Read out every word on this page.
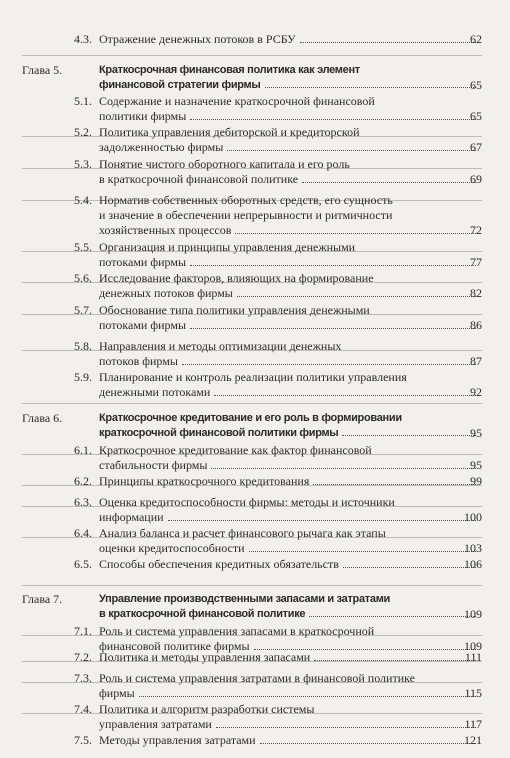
4.3. Отражение денежных потоков в РСБУ	62
Глава 5.	Краткосрочная финансовая политика как элемент
финансовой стратегии фирмы	65
5.1. Содержание и назначение краткосрочной финансовой
политики фирмы	65
5.2. Политика управления дебиторской и кредиторской
задолженностью фирмы	67
5.3. Понятие чистого оборотного капитала и его роль
в краткосрочной финансовой политике	69
5.4. Норматив собственных оборотных средств, его сущность
и значение в обеспечении непрерывности и ритмичности
хозяйственных процессов	72
5.5. Организация и принципы управления денежными
потоками фирмы	77
5.6. Исследование факторов, влияющих на формирование
денежных потоков фирмы	82
5.7. Обоснование типа политики управления денежными
потоками фирмы	86
5.8. Направления и методы оптимизации денежных
потоков фирмы	87
5.9. Планирование и контроль реализации политики управления
денежными потоками	92
Глава 6.	Краткосрочное кредитование и его роль в формировании
краткосрочной финансовой политики фирмы	95
6.1. Краткосрочное кредитование как фактор финансовой
стабильности фирмы	95
6.2. Принципы краткосрочного кредитования	99
6.3. Оценка кредитоспособности фирмы: методы и источники
информации	100
6.4. Анализ баланса и расчет финансового рычага как этапы
оценки кредитоспособности	103
6.5. Способы обеспечения кредитных обязательств	106
Глава 7.	Управление производственными запасами и затратами
в краткосрочной финансовой политике	109
7.1. Роль и система управления запасами в краткосрочной
финансовой политике фирмы	109
7.2. Политика и методы управления запасами	111
7.3. Роль и система управления затратами в финансовой политике
фирмы	115
7.4. Политика и алгоритм разработки системы
управления затратами	117
7.5. Методы управления затратами	121
